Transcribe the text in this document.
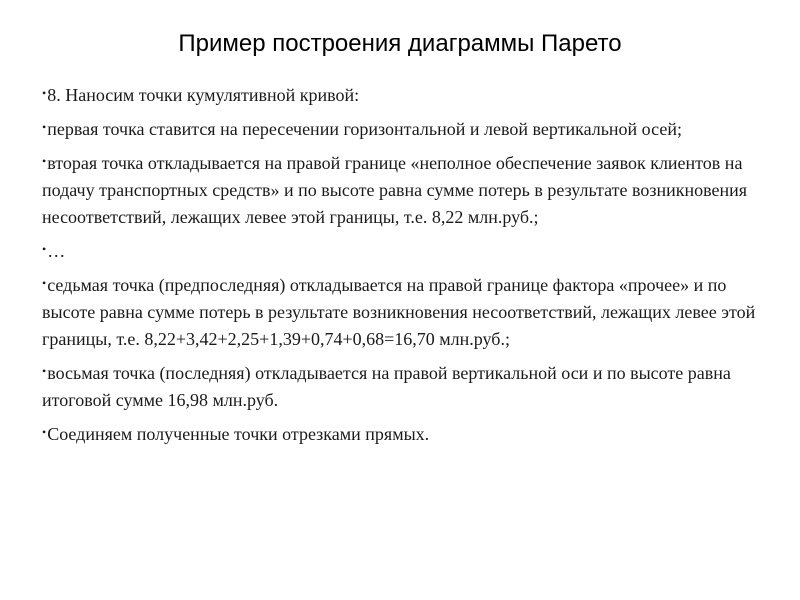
Пример построения диаграммы Парето
•8. Наносим точки кумулятивной кривой:
•первая точка ставится на пересечении горизонтальной и левой вертикальной осей;
•вторая точка откладывается на правой границе «неполное обеспечение заявок клиентов на подачу транспортных средств» и по высоте равна сумме потерь в результате возникновения несоответствий, лежащих левее этой границы, т.е. 8,22 млн.руб.;
•…
•седьмая точка (предпоследняя) откладывается на правой границе фактора «прочее» и по высоте равна сумме потерь в результате возникновения несоответствий, лежащих левее этой границы, т.е. 8,22+3,42+2,25+1,39+0,74+0,68=16,70 млн.руб.;
•восьмая точка (последняя) откладывается на правой вертикальной оси и по высоте равна итоговой сумме 16,98 млн.руб.
•Соединяем полученные точки отрезками прямых.
